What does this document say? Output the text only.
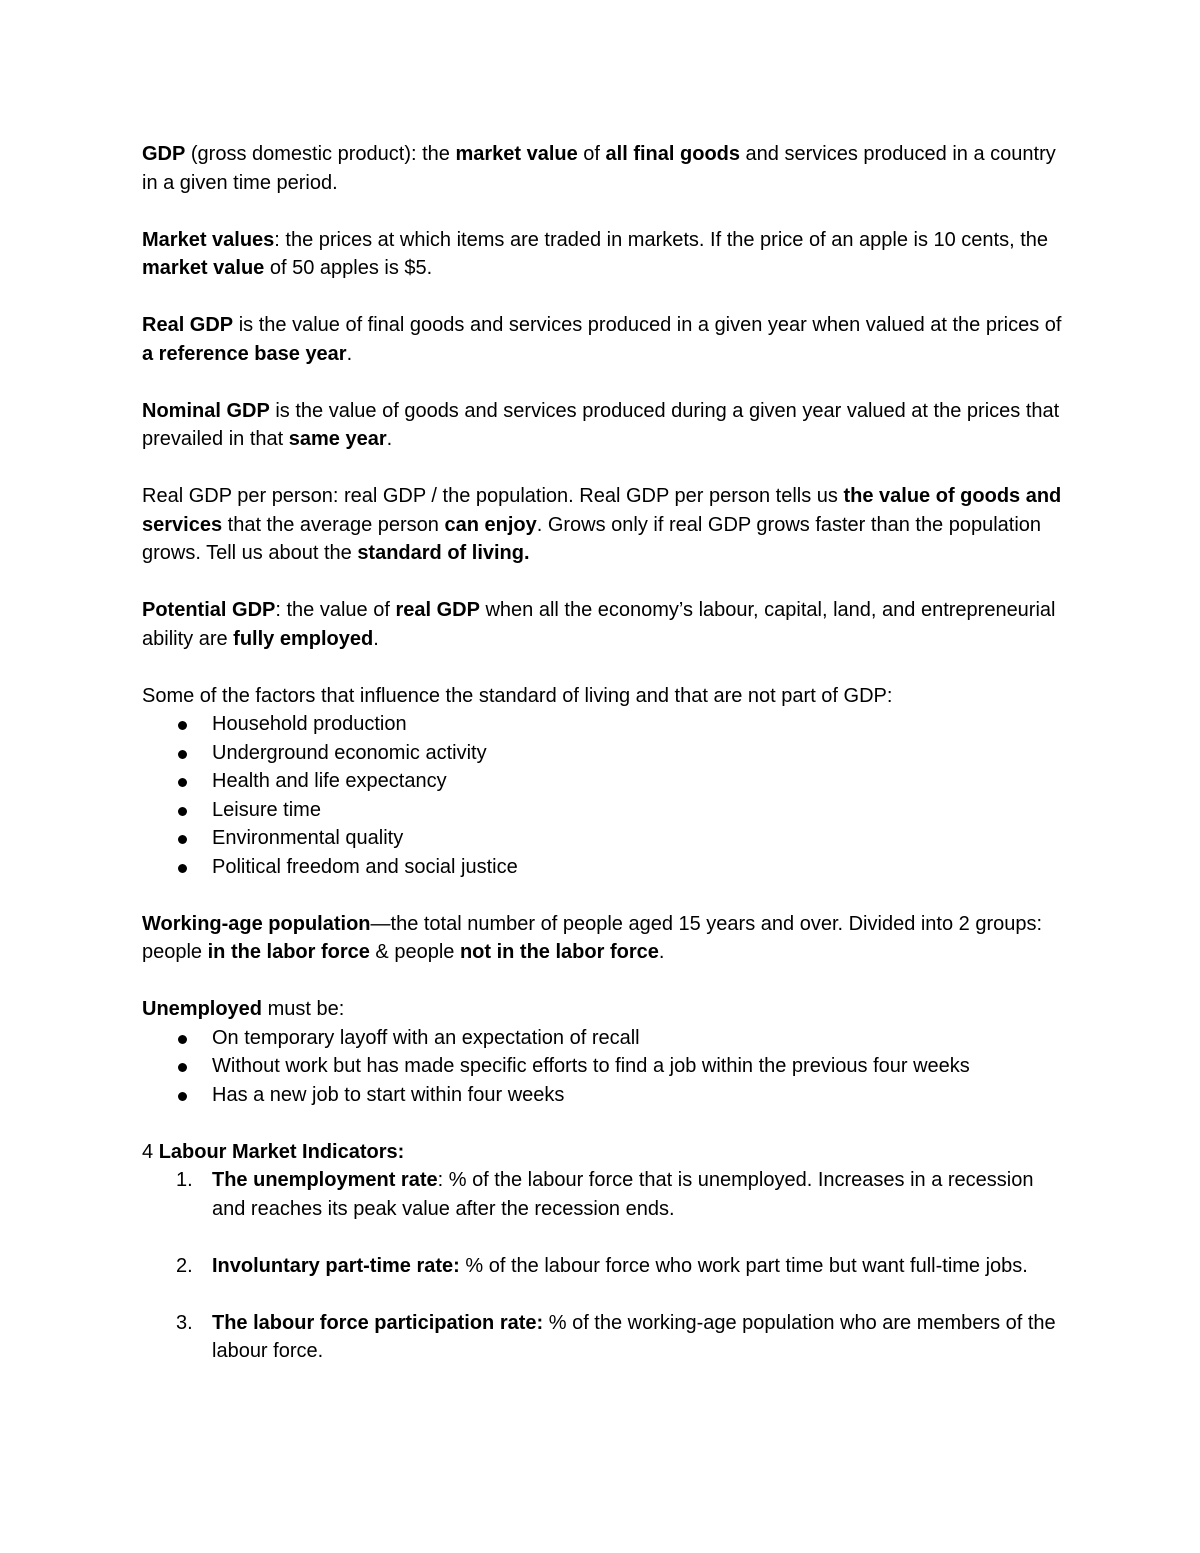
GDP (gross domestic product): the market value of all final goods and services produced in a country in a given time period.

Market values: the prices at which items are traded in markets. If the price of an apple is 10 cents, the market value of 50 apples is $5.

Real GDP is the value of final goods and services produced in a given year when valued at the prices of a reference base year.

Nominal GDP is the value of goods and services produced during a given year valued at the prices that prevailed in that same year.

Real GDP per person: real GDP / the population. Real GDP per person tells us the value of goods and services that the average person can enjoy. Grows only if real GDP grows faster than the population grows. Tell us about the standard of living.

Potential GDP: the value of real GDP when all the economy’s labour, capital, land, and entrepreneurial ability are fully employed.

Some of the factors that influence the standard of living and that are not part of GDP:

Household production
Underground economic activity
Health and life expectancy
Leisure time
Environmental quality
Political freedom and social justice

Working-age population—the total number of people aged 15 years and over. Divided into 2 groups: people in the labor force & people not in the labor force.

Unemployed must be:

On temporary layoff with an expectation of recall
Without work but has made specific efforts to find a job within the previous four weeks
Has a new job to start within four weeks

4 Labour Market Indicators:

1. The unemployment rate: % of the labour force that is unemployed. Increases in a recession and reaches its peak value after the recession ends.
2. Involuntary part-time rate: % of the labour force who work part time but want full-time jobs.
3. The labour force participation rate: % of the working-age population who are members of the labour force.
